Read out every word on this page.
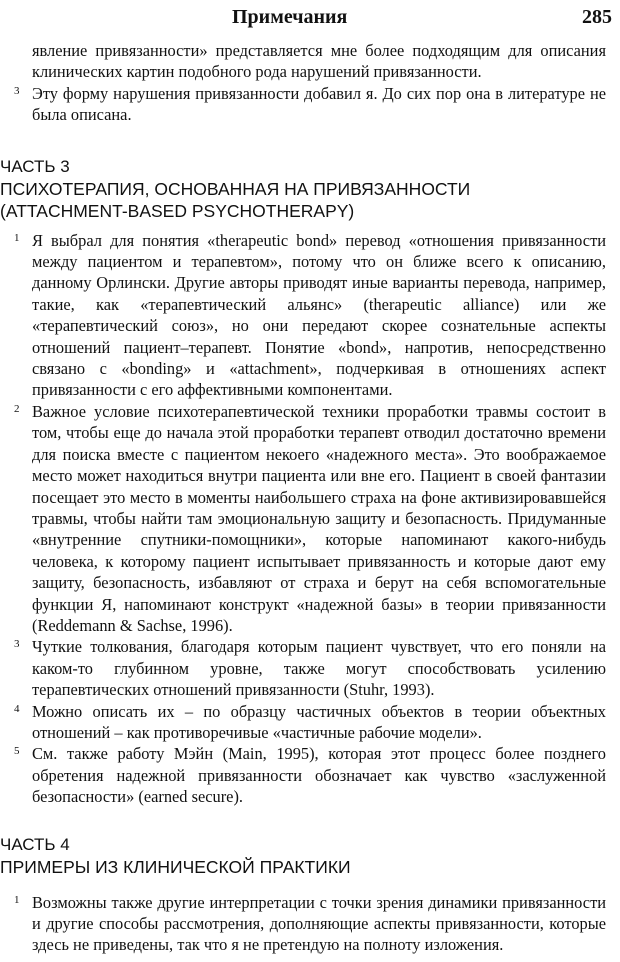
Примечания	285

явление привязанности» представляется мне более подходящим для описания клинических картин подобного рода нарушений привязанности.

3 Эту форму нарушения привязанности добавил я. До сих пор она в литературе не была описана.

ЧАСТЬ 3
ПСИХОТЕРАПИЯ, ОСНОВАННАЯ НА ПРИВЯЗАННОСТИ
(ATTACHMENT-BASED PSYCHOTHERAPY)

1 Я выбрал для понятия «therapeutic bond» перевод «отношения привязанности между пациентом и терапевтом», потому что он ближе всего к описанию, данному Орлински. Другие авторы приводят иные варианты перевода, например, такие, как «терапевтический альянс» (therapeutic alliance) или же «терапевтический союз», но они передают скорее сознательные аспекты отношений пациент–терапевт. Понятие «bond», напротив, непосредственно связано с «bonding» и «attachment», подчеркивая в отношениях аспект привязанности с его аффективными компонентами.

2 Важное условие психотерапевтической техники проработки травмы состоит в том, чтобы еще до начала этой проработки терапевт отводил достаточно времени для поиска вместе с пациентом некоего «надежного места». Это воображаемое место может находиться внутри пациента или вне его. Пациент в своей фантазии посещает это место в моменты наибольшего страха на фоне активизировавшейся травмы, чтобы найти там эмоциональную защиту и безопасность. Придуманные «внутренние спутники-помощники», которые напоминают какого-нибудь человека, к которому пациент испытывает привязанность и которые дают ему защиту, безопасность, избавляют от страха и берут на себя вспомогательные функции Я, напоминают конструкт «надежной базы» в теории привязанности (Reddemann & Sachse, 1996).

3 Чуткие толкования, благодаря которым пациент чувствует, что его поняли на каком-то глубинном уровне, также могут способствовать усилению терапевтических отношений привязанности (Stuhr, 1993).

4 Можно описать их – по образцу частичных объектов в теории объектных отношений – как противоречивые «частичные рабочие модели».

5 См. также работу Мэйн (Main, 1995), которая этот процесс более позднего обретения надежной привязанности обозначает как чувство «заслуженной безопасности» (earned secure).

ЧАСТЬ 4
ПРИМЕРЫ ИЗ КЛИНИЧЕСКОЙ ПРАКТИКИ

1 Возможны также другие интерпретации с точки зрения динамики привязанности и другие способы рассмотрения, дополняющие аспекты привязанности, которые здесь не приведены, так что я не претендую на полноту изложения.
